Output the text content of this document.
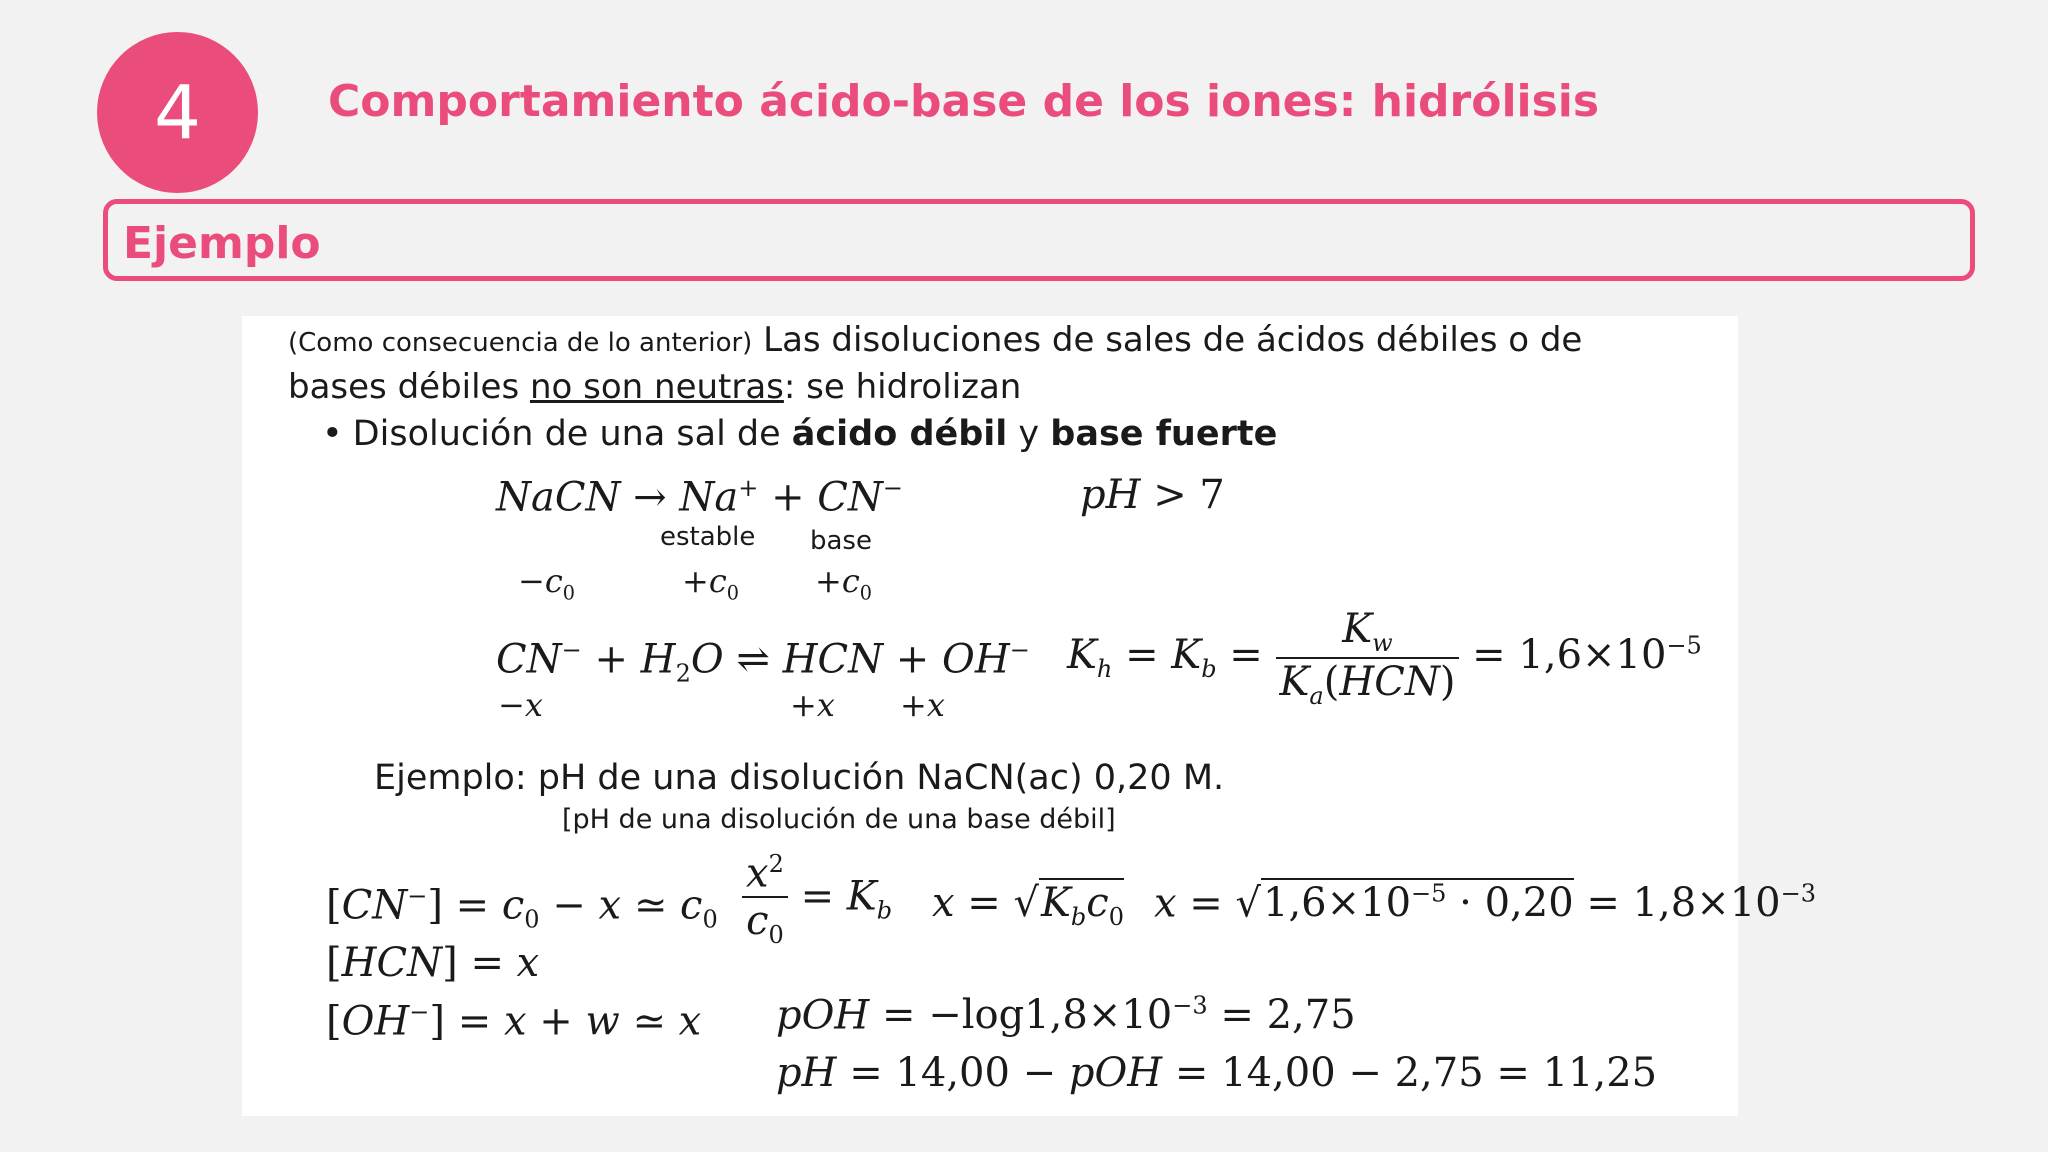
4	Comportamiento ácido-base de los iones: hidrólisis
Ejemplo
(Como consecuencia de lo anterior) Las disoluciones de sales de ácidos débiles o de
bases débiles no son neutras: se hidrolizan
• Disolución de una sal de ácido débil y base fuerte
NaCN → Na+ + CN−	pH > 7
estable base
$-c_0$	$+c_0 +c_0$
$CN^- + H_2O$ ⇌ HCN + OH−
−x	+x +x
$K_h = K_b = \frac{K_w}{K_a(HCN)} = 1,6\times 10^{-5}$
Ejemplo: pH de una disolución NaCN(ac) 0,20 M.
[pH de una disolución de una base débil]
$[CN^-] = c_0 - x$ ≃ $c_0$
[HCN] = x
[OH−] = x + w ≃ x
$\frac{x^2}{c_0} = K_b$ $x = √K_bc_0$ $x = √1,6\times 10^{-5} \cdot 0,20 = 1,8\times 10^{-3}$
pOH = $-\log 1,8\times 10^{-3} = 2,75$
pH = 14,00 − pOH = 14,00 − 2,75 = 11,25
